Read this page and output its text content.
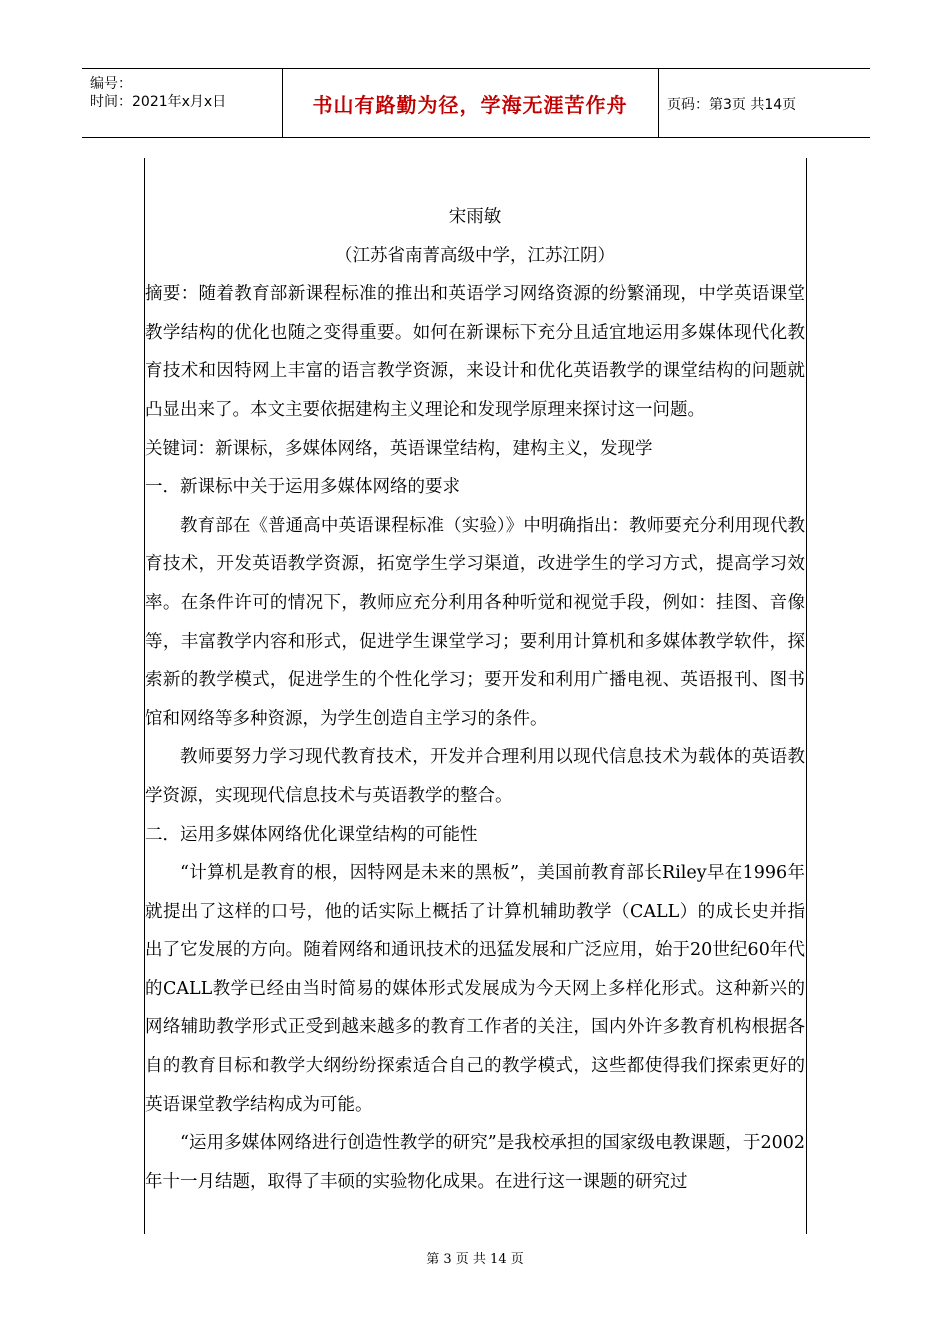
编号：
时间：2021年x月x日	书山有路勤为径，学海无涯苦作舟	页码：第3页 共14页

宋雨敏

（江苏省南菁高级中学，江苏江阴）

摘要：随着教育部新课程标准的推出和英语学习网络资源的纷繁涌现，中学英语课堂教学结构的优化也随之变得重要。如何在新课标下充分且适宜地运用多媒体现代化教育技术和因特网上丰富的语言教学资源，来设计和优化英语教学的课堂结构的问题就凸显出来了。本文主要依据建构主义理论和发现学原理来探讨这一问题。

关键词：新课标，多媒体网络，英语课堂结构，建构主义，发现学

一．新课标中关于运用多媒体网络的要求

教育部在《普通高中英语课程标准（实验）》中明确指出：教师要充分利用现代教育技术，开发英语教学资源，拓宽学生学习渠道，改进学生的学习方式，提高学习效率。在条件许可的情况下，教师应充分利用各种听觉和视觉手段，例如：挂图、音像等，丰富教学内容和形式，促进学生课堂学习；要利用计算机和多媒体教学软件，探索新的教学模式，促进学生的个性化学习；要开发和利用广播电视、英语报刊、图书馆和网络等多种资源，为学生创造自主学习的条件。

教师要努力学习现代教育技术，开发并合理利用以现代信息技术为载体的英语教学资源，实现现代信息技术与英语教学的整合。

二．运用多媒体网络优化课堂结构的可能性

“计算机是教育的根，因特网是未来的黑板”，美国前教育部长Riley早在1996年就提出了这样的口号，他的话实际上概括了计算机辅助教学（CALL）的成长史并指出了它发展的方向。随着网络和通讯技术的迅猛发展和广泛应用，始于20世纪60年代的CALL教学已经由当时简易的媒体形式发展成为今天网上多样化形式。这种新兴的网络辅助教学形式正受到越来越多的教育工作者的关注，国内外许多教育机构根据各自的教育目标和教学大纲纷纷探索适合自己的教学模式，这些都使得我们探索更好的英语课堂教学结构成为可能。

“运用多媒体网络进行创造性教学的研究”是我校承担的国家级电教课题，于2002年十一月结题，取得了丰硕的实验物化成果。在进行这一课题的研究过

第 3 页 共 14 页
